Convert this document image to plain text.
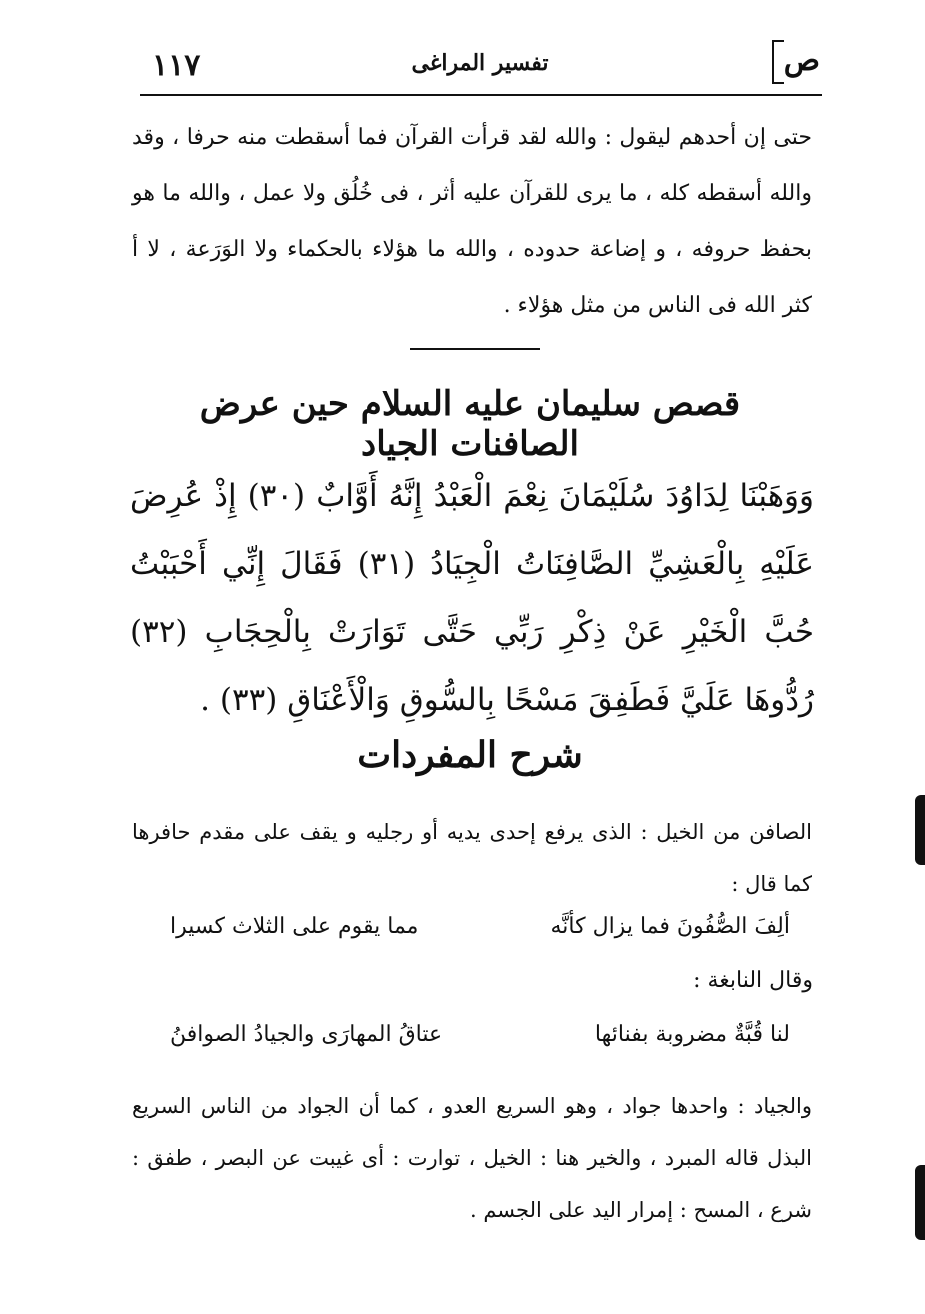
ص
تفسير المراغى
١١٧
حتى إن أحدهم ليقول : والله لقد قرأت القرآن فما أسقطت منه حرفا ، وقد والله أسقطه كله ، ما يرى للقرآن عليه أثر ، فى خُلُق ولا عمل ، والله ما هو بحفظ حروفه ، و إضاعة حدوده ، والله ما هؤلاء بالحكماء ولا الوَرَعة ، لا أ كثر الله فى الناس من مثل هؤلاء .
قصص سليمان عليه السلام حين عرض الصافنات الجياد
وَوَهَبْنَا لِدَاوُدَ سُلَيْمَانَ نِعْمَ الْعَبْدُ إِنَّهُ أَوَّابٌ (٣٠) إِذْ عُرِضَ عَلَيْهِ بِالْعَشِيِّ الصَّافِنَاتُ الْجِيَادُ (٣١) فَقَالَ إِنِّي أَحْبَبْتُ حُبَّ الْخَيْرِ عَنْ ذِكْرِ رَبِّي حَتَّى تَوَارَتْ بِالْحِجَابِ (٣٢) رُدُّوهَا عَلَيَّ فَطَفِقَ مَسْحًا بِالسُّوقِ وَالْأَعْنَاقِ (٣٣) .
شرح المفردات
الصافن من الخيل : الذى يرفع إحدى يديه أو رجليه و يقف على مقدم حافرها كما قال :
ألِفَ الصُّفُونَ فما يزال كأنَّه
مما يقوم على الثلاث كسيرا
وقال النابغة :
لنا قُبَّةٌ مضروبة بفنائها
عتاقُ المهارَى والجيادُ الصوافنُ
والجياد : واحدها جواد ، وهو السريع العدو ، كما أن الجواد من الناس السريع البذل قاله المبرد ، والخير هنا : الخيل ، توارت : أى غيبت عن البصر ، طفق : شرع ، المسح : إمرار اليد على الجسم .
